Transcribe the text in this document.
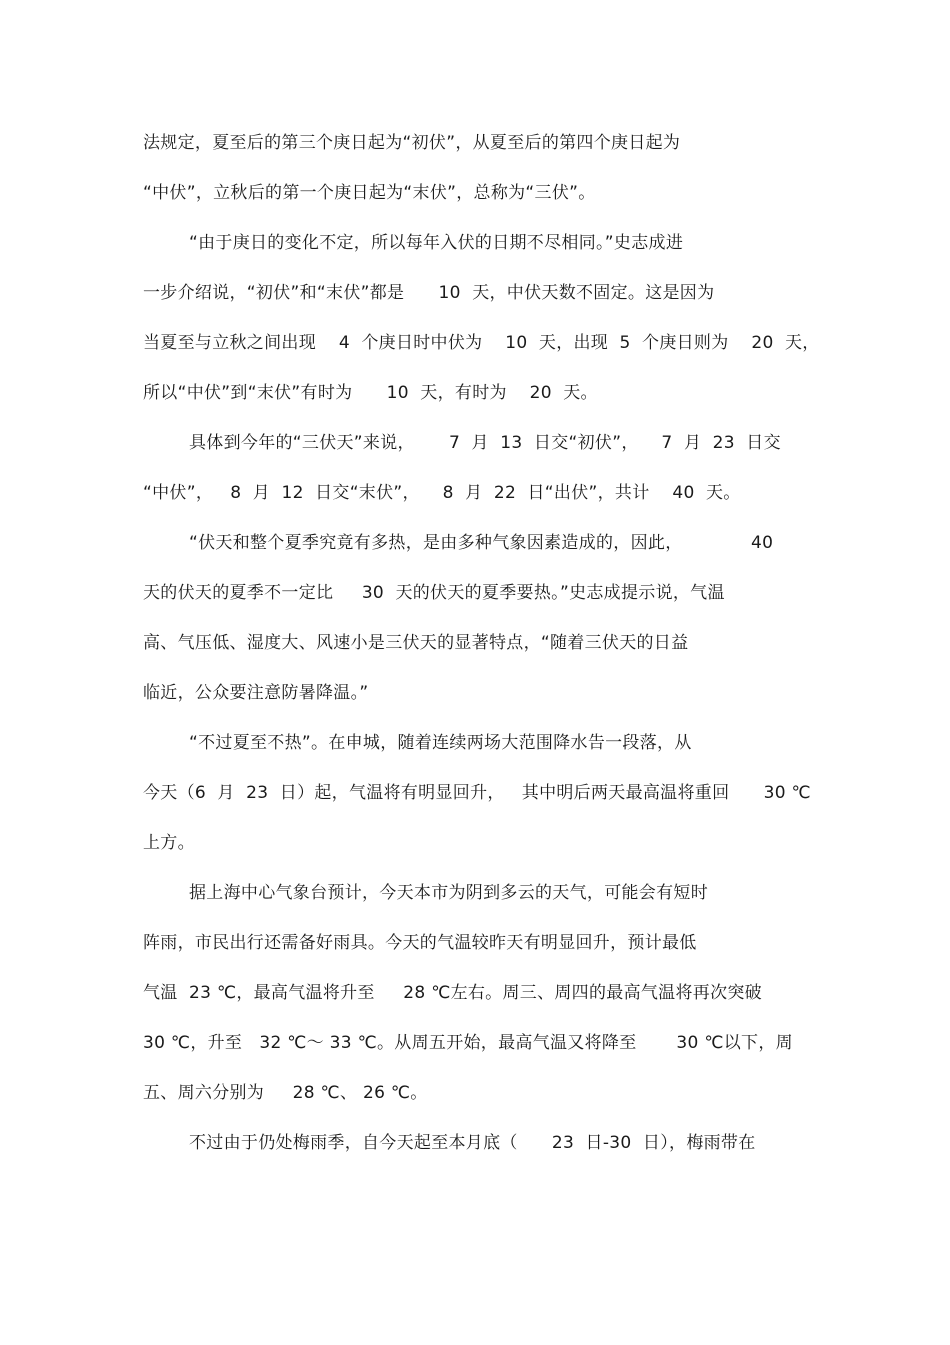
法规定，夏至后的第三个庚日起为“初伏”，从夏至后的第四个庚日起为
“中伏”，立秋后的第一个庚日起为“末伏”，总称为“三伏”。
“由于庚日的变化不定，所以每年入伏的日期不尽相同。”史志成进
一步介绍说，“初伏”和“末伏”都是      10  天，中伏天数不固定。这是因为
当夏至与立秋之间出现    4  个庚日时中伏为    10  天，出现  5  个庚日则为    20  天，
所以“中伏”到“末伏”有时为      10  天，有时为    20  天。
具体到今年的“三伏天”来说，      7  月  13  日交“初伏”，    7  月  23  日交
“中伏”，   8  月  12  日交“末伏”，    8  月  22  日“出伏”，共计    40  天。
“伏天和整个夏季究竟有多热，是由多种气象因素造成的，因此，            40
天的伏天的夏季不一定比     30  天的伏天的夏季要热。”史志成提示说，气温
高、气压低、湿度大、风速小是三伏天的显著特点，“随着三伏天的日益
临近，公众要注意防暑降温。”
“不过夏至不热”。在申城，随着连续两场大范围降水告一段落，从
今天（6  月  23  日）起，气温将有明显回升，   其中明后两天最高温将重回      30 ℃
上方。
据上海中心气象台预计，今天本市为阴到多云的天气，可能会有短时
阵雨，市民出行还需备好雨具。今天的气温较昨天有明显回升，预计最低
气温  23 ℃，最高气温将升至     28 ℃左右。周三、周四的最高气温将再次突破
30 ℃，升至   32 ℃～ 33 ℃。从周五开始，最高气温又将降至       30 ℃以下，周
五、周六分别为     28 ℃、 26 ℃。
不过由于仍处梅雨季，自今天起至本月底（      23  日-30  日），梅雨带在
